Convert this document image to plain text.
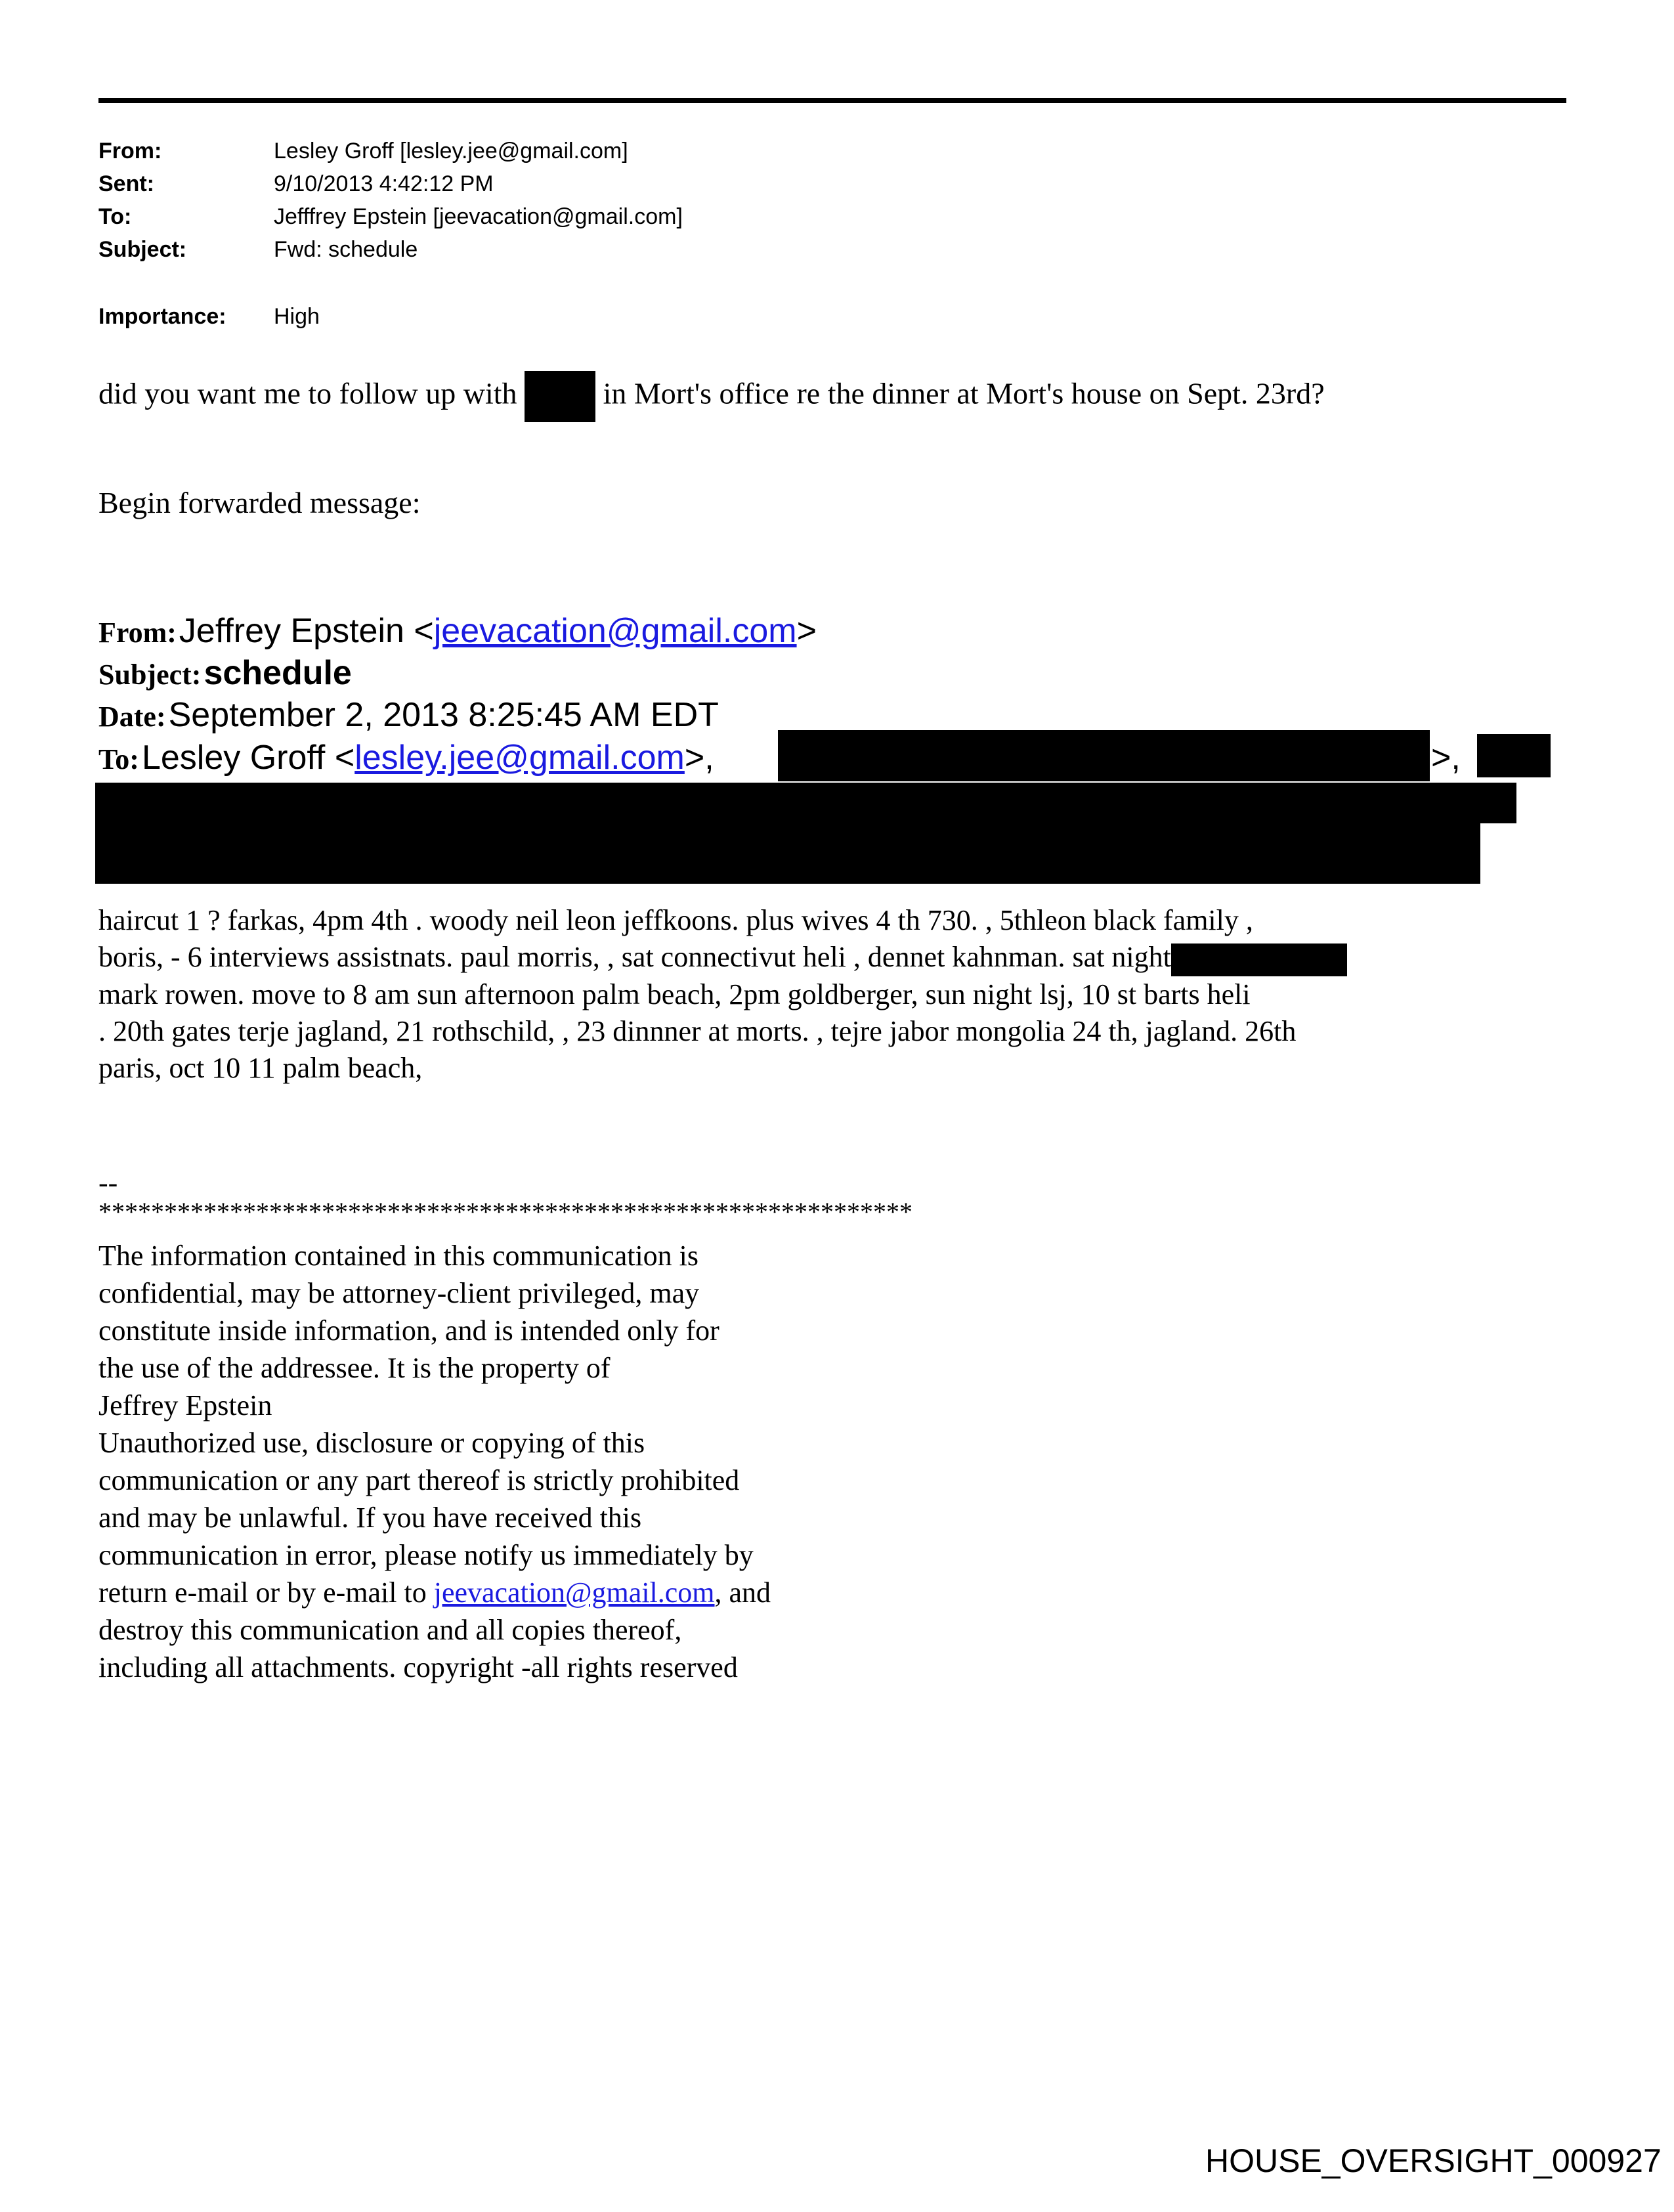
From:	Lesley Groff [lesley.jee@gmail.com]
Sent:	9/10/2013 4:42:12 PM
To:	Jefffrey Epstein [jeevacation@gmail.com]
Subject:	Fwd: schedule
Importance: High
did you want me to follow up with	in Mort's office re the dinner at Mort's house on Sept. 23rd?
Begin forwarded message:
From: Jeffrey Epstein <jeevacation@gmail.com>
Subject: schedule
Date: September 2, 2013 8:25:45 AM EDT
To: Lesley Groff <lesley.jee@gmail.com>,	>,
haircut 1 ? farkas, 4pm 4th . woody neil leon jeffkoons. plus wives 4 th 730. , 5thleon black family ,
boris, - 6 interviews assistnats. paul morris, , sat connectivut heli , dennet kahnman. sat night
mark rowen. move to 8 am sun afternoon palm beach, 2pm goldberger, sun night lsj, 10 st barts heli
. 20th gates terje jagland, 21 rothschild, , 23 dinnner at morts. , tejre jabor mongolia 24 th, jagland. 26th
paris, oct 10 11 palm beach,
--
**************************************************************
The information contained in this communication is
confidential, may be attorney-client privileged, may
constitute inside information, and is intended only for
the use of the addressee. It is the property of
Jeffrey Epstein
Unauthorized use, disclosure or copying of this
communication or any part thereof is strictly prohibited
and may be unlawful. If you have received this
communication in error, please notify us immediately by
return e-mail or by e-mail to jeevacation@gmail.com, and
destroy this communication and all copies thereof,
including all attachments. copyright -all rights reserved
HOUSE_OVERSIGHT_000927
